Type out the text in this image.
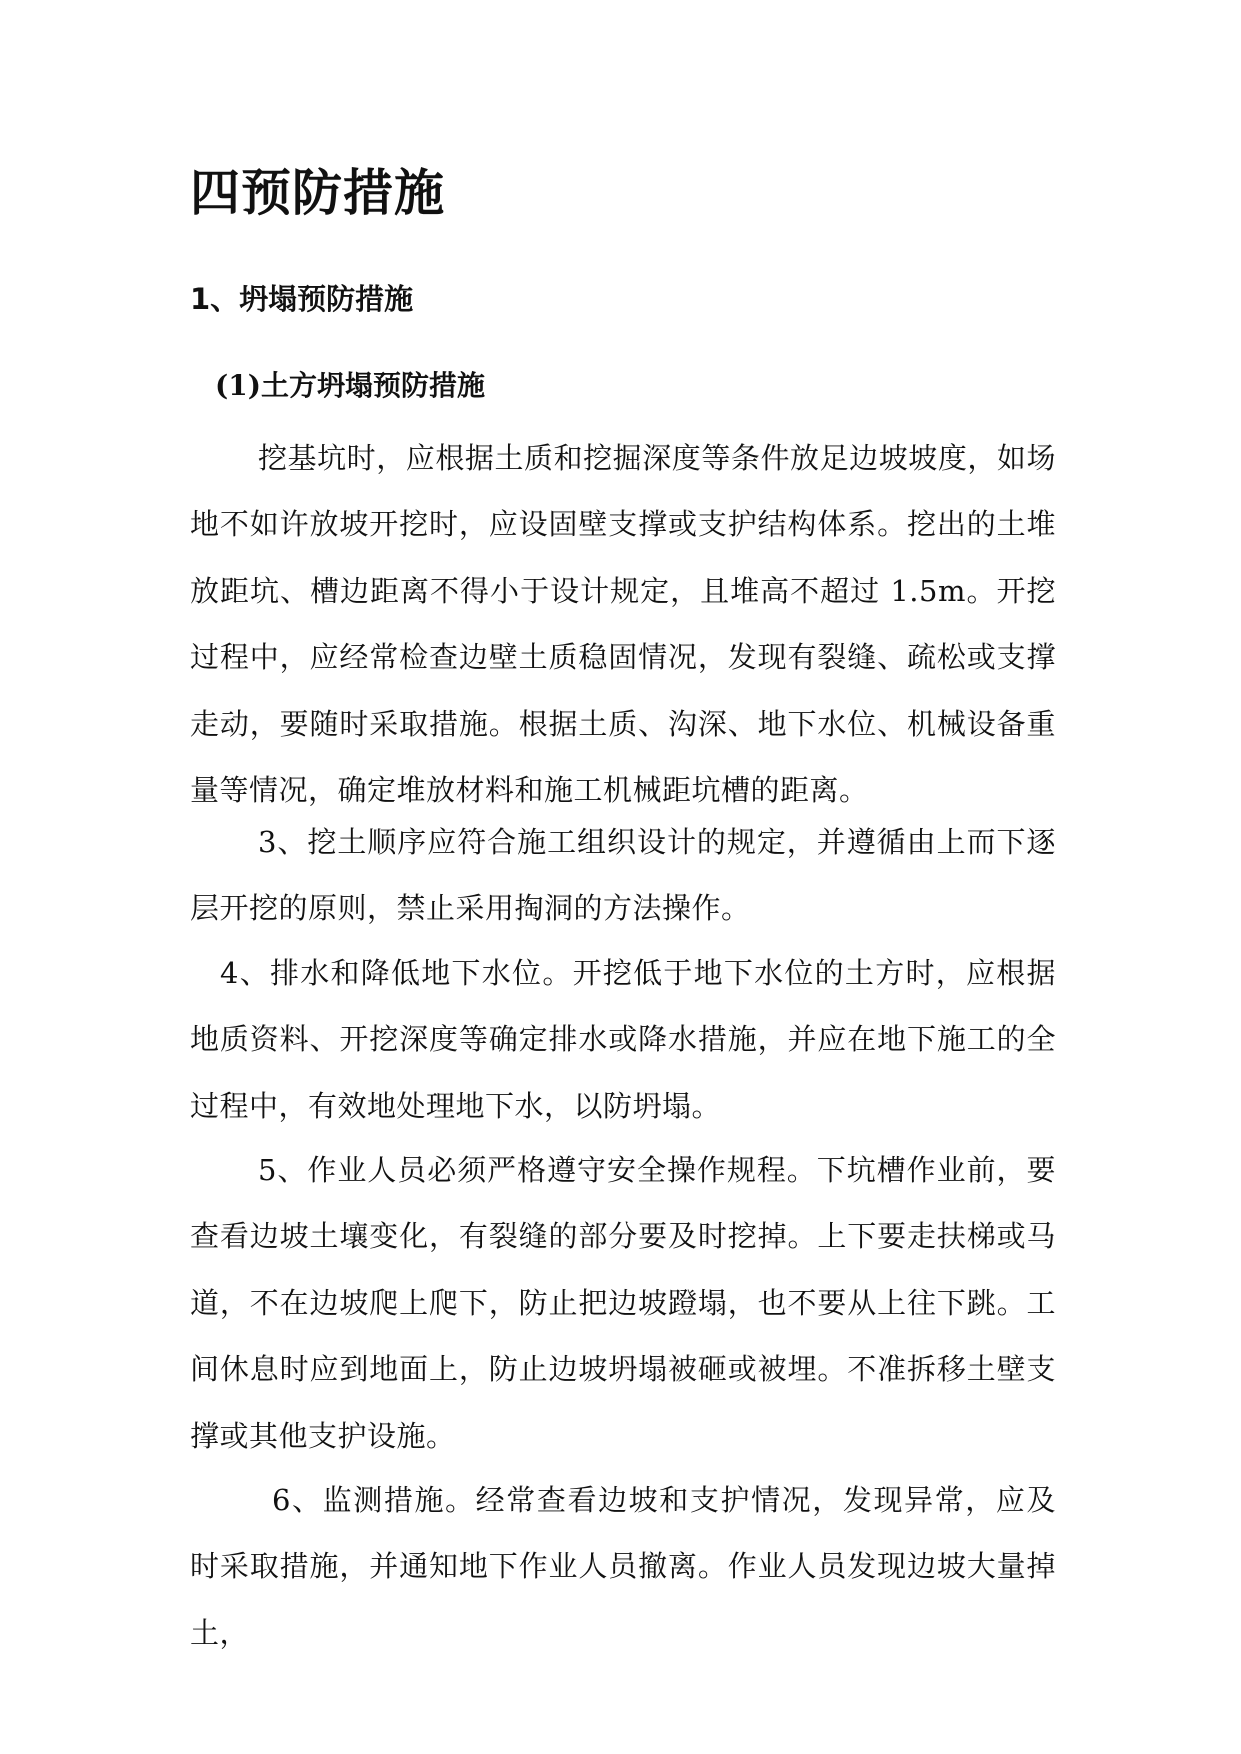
四预防措施
1、坍塌预防措施
(1)土方坍塌预防措施

挖基坑时，应根据土质和挖掘深度等条件放足边坡坡度，如场地不如许放坡开挖时，应设固壁支撑或支护结构体系。挖出的土堆放距坑、槽边距离不得小于设计规定，且堆高不超过 1.5m。开挖过程中，应经常检查边壁土质稳固情况，发现有裂缝、疏松或支撑走动，要随时采取措施。根据土质、沟深、地下水位、机械设备重量等情况，确定堆放材料和施工机械距坑槽的距离。

3、挖土顺序应符合施工组织设计的规定，并遵循由上而下逐层开挖的原则，禁止采用掏洞的方法操作。

4、排水和降低地下水位。开挖低于地下水位的土方时，应根据地质资料、开挖深度等确定排水或降水措施，并应在地下施工的全过程中，有效地处理地下水，以防坍塌。

5、作业人员必须严格遵守安全操作规程。下坑槽作业前，要查看边坡土壤变化，有裂缝的部分要及时挖掉。上下要走扶梯或马道，不在边坡爬上爬下，防止把边坡蹬塌，也不要从上往下跳。工间休息时应到地面上，防止边坡坍塌被砸或被埋。不准拆移土壁支撑或其他支护设施。

6、监测措施。经常查看边坡和支护情况，发现异常，应及时采取措施，并通知地下作业人员撤离。作业人员发现边坡大量掉土，
